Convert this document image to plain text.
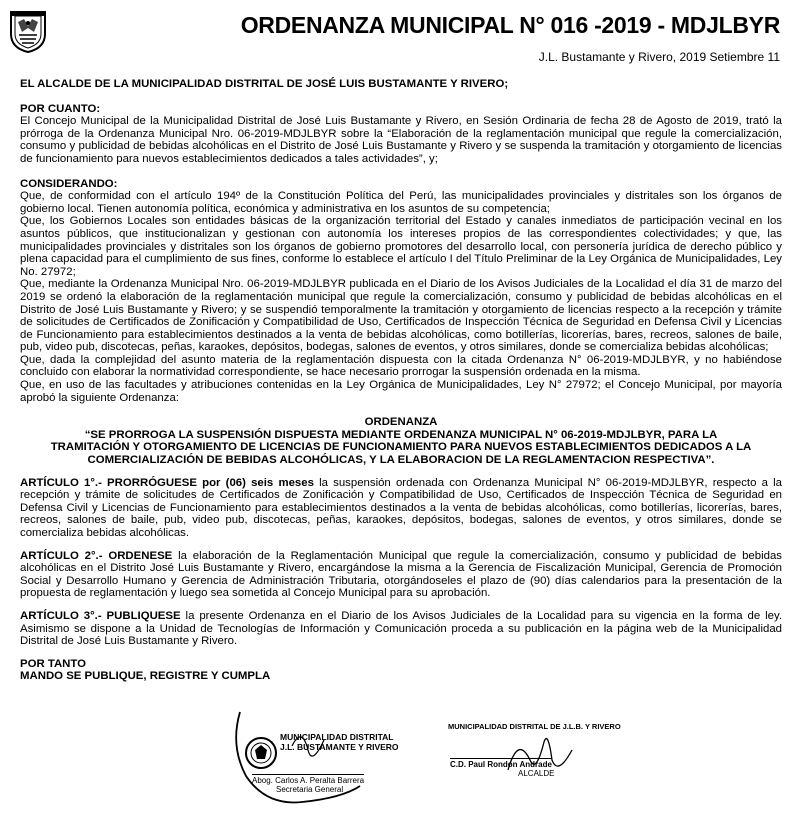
ORDENANZA MUNICIPAL N° 016 -2019 - MDJLBYR
J.L. Bustamante y Rivero, 2019 Setiembre 11

EL ALCALDE DE LA MUNICIPALIDAD DISTRITAL DE JOSÉ LUIS BUSTAMANTE Y RIVERO;

POR CUANTO:

El Concejo Municipal de la Municipalidad Distrital de José Luis Bustamante y Rivero, en Sesión Ordinaria de fecha 28 de Agosto de 2019, trató la prórroga de la Ordenanza Municipal Nro. 06-2019-MDJLBYR sobre la “Elaboración de la reglamentación municipal que regule la comercialización, consumo y publicidad de bebidas alcohólicas en el Distrito de José Luis Bustamante y Rivero y se suspenda la tramitación y otorgamiento de licencias de funcionamiento para nuevos establecimientos dedicados a tales actividades”, y;

CONSIDERANDO:

Que, de conformidad con el artículo 194º de la Constitución Política del Perú, las municipalidades provinciales y distritales son los órganos de gobierno local. Tienen autonomía política, económica y administrativa en los asuntos de su competencia;

Que, los Gobiernos Locales son entidades básicas de la organización territorial del Estado y canales inmediatos de participación vecinal en los asuntos públicos, que institucionalizan y gestionan con autonomía los intereses propios de las correspondientes colectividades; y que, las municipalidades provinciales y distritales son los órganos de gobierno promotores del desarrollo local, con personería jurídica de derecho público y plena capacidad para el cumplimiento de sus fines, conforme lo establece el artículo I del Título Preliminar de la Ley Orgánica de Municipalidades, Ley No. 27972;

Que, mediante la Ordenanza Municipal Nro. 06-2019-MDJLBYR publicada en el Diario de los Avisos Judiciales de la Localidad el día 31 de marzo del 2019 se ordenó la elaboración de la reglamentación municipal que regule la comercialización, consumo y publicidad de bebidas alcohólicas en el Distrito de José Luis Bustamante y Rivero; y se suspendió temporalmente la tramitación y otorgamiento de licencias respecto a la recepción y trámite de solicitudes de Certificados de Zonificación y Compatibilidad de Uso, Certificados de Inspección Técnica de Seguridad en Defensa Civil y Licencias de Funcionamiento para establecimientos destinados a la venta de bebidas alcohólicas, como botillerías, licorerías, bares, recreos, salones de baile, pub, video pub, discotecas, peñas, karaokes, depósitos, bodegas, salones de eventos, y otros similares, donde se comercializa bebidas alcohólicas;

Que, dada la complejidad del asunto materia de la reglamentación dispuesta con la citada Ordenanza N° 06-2019-MDJLBYR, y no habiéndose concluido con elaborar la normatividad correspondiente, se hace necesario prorrogar la suspensión ordenada en la misma.

Que, en uso de las facultades y atribuciones contenidas en la Ley Orgánica de Municipalidades, Ley N° 27972; el Concejo Municipal, por mayoría aprobó la siguiente Ordenanza:

ORDENANZA

“SE PRORROGA LA SUSPENSIÓN DISPUESTA MEDIANTE ORDENANZA MUNICIPAL N° 06-2019-MDJLBYR, PARA LA TRAMITACIÓN Y OTORGAMIENTO DE LICENCIAS DE FUNCIONAMIENTO PARA NUEVOS ESTABLECIMIENTOS DEDICADOS A LA COMERCIALIZACIÓN DE BEBIDAS ALCOHÓLICAS, Y LA ELABORACION DE LA REGLAMENTACION RESPECTIVA”.

ARTÍCULO 1°.- PRORRÓGUESE por (06) seis meses la suspensión ordenada con Ordenanza Municipal N° 06-2019-MDJLBYR, respecto a la recepción y trámite de solicitudes de Certificados de Zonificación y Compatibilidad de Uso, Certificados de Inspección Técnica de Seguridad en Defensa Civil y Licencias de Funcionamiento para establecimientos destinados a la venta de bebidas alcohólicas, como botillerías, licorerías, bares, recreos, salones de baile, pub, video pub, discotecas, peñas, karaokes, depósitos, bodegas, salones de eventos, y otros similares, donde se comercializa bebidas alcohólicas.

ARTÍCULO 2°.- ORDENESE la elaboración de la Reglamentación Municipal que regule la comercialización, consumo y publicidad de bebidas alcohólicas en el Distrito José Luis Bustamante y Rivero, encargándose la misma a la Gerencia de Fiscalización Municipal, Gerencia de Promoción Social y Desarrollo Humano y Gerencia de Administración Tributaria, otorgándoseles el plazo de (90) días calendarios para la presentación de la propuesta de reglamentación y luego sea sometida al Concejo Municipal para su aprobación.

ARTÍCULO 3°.- PUBLIQUESE la presente Ordenanza en el Diario de los Avisos Judiciales de la Localidad para su vigencia en la forma de ley. Asimismo se dispone a la Unidad de Tecnologías de Información y Comunicación proceda a su publicación en la página web de la Municipalidad Distrital de José Luis Bustamante y Rivero.

POR TANTO

MANDO SE PUBLIQUE, REGISTRE Y CUMPLA

MUNICIPALIDAD DISTRITAL
J.L. BUSTAMANTE Y RIVERO
Abog. Carlos A. Peralta Barrera
Secretaria General
MUNICIPALIDAD DISTRITAL DE J.L.B. Y RIVERO
C.D. Paul Rondón Andrade
ALCALDE
